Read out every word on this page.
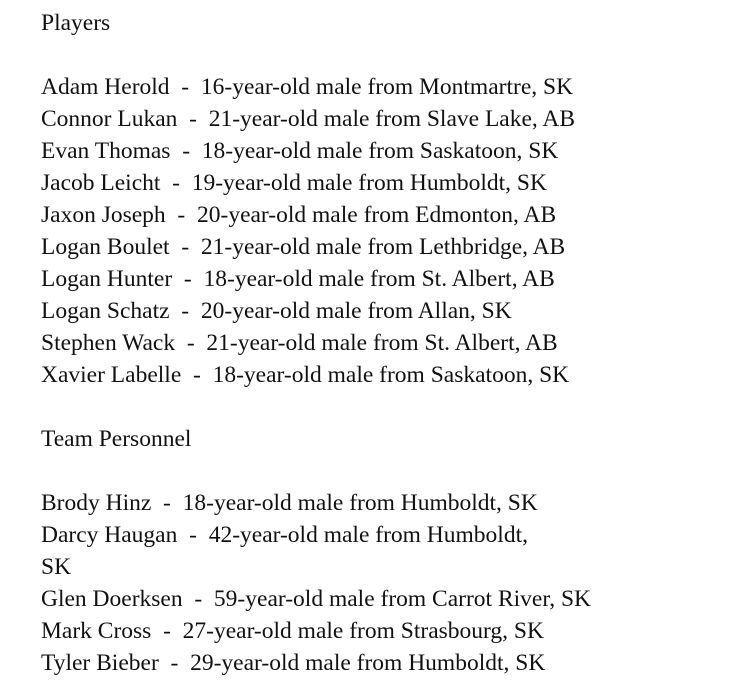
Players
Adam Herold  -  16-year-old male from Montmartre, SK
Connor Lukan  -  21-year-old male from Slave Lake, AB
Evan Thomas  -  18-year-old male from Saskatoon, SK
Jacob Leicht  -  19-year-old male from Humboldt, SK
Jaxon Joseph  -  20-year-old male from Edmonton, AB
Logan Boulet  -  21-year-old male from Lethbridge, AB
Logan Hunter  -  18-year-old male from St. Albert, AB
Logan Schatz  -  20-year-old male from Allan, SK
Stephen Wack  -  21-year-old male from St. Albert, AB
Xavier Labelle  -  18-year-old male from Saskatoon, SK
Team Personnel
Brody Hinz  -  18-year-old male from Humboldt, SK
Darcy Haugan  -  42-year-old male from Humboldt,
SK
Glen Doerksen  -  59-year-old male from Carrot River, SK
Mark Cross  -  27-year-old male from Strasbourg, SK
Tyler Bieber  -  29-year-old male from Humboldt, SK
